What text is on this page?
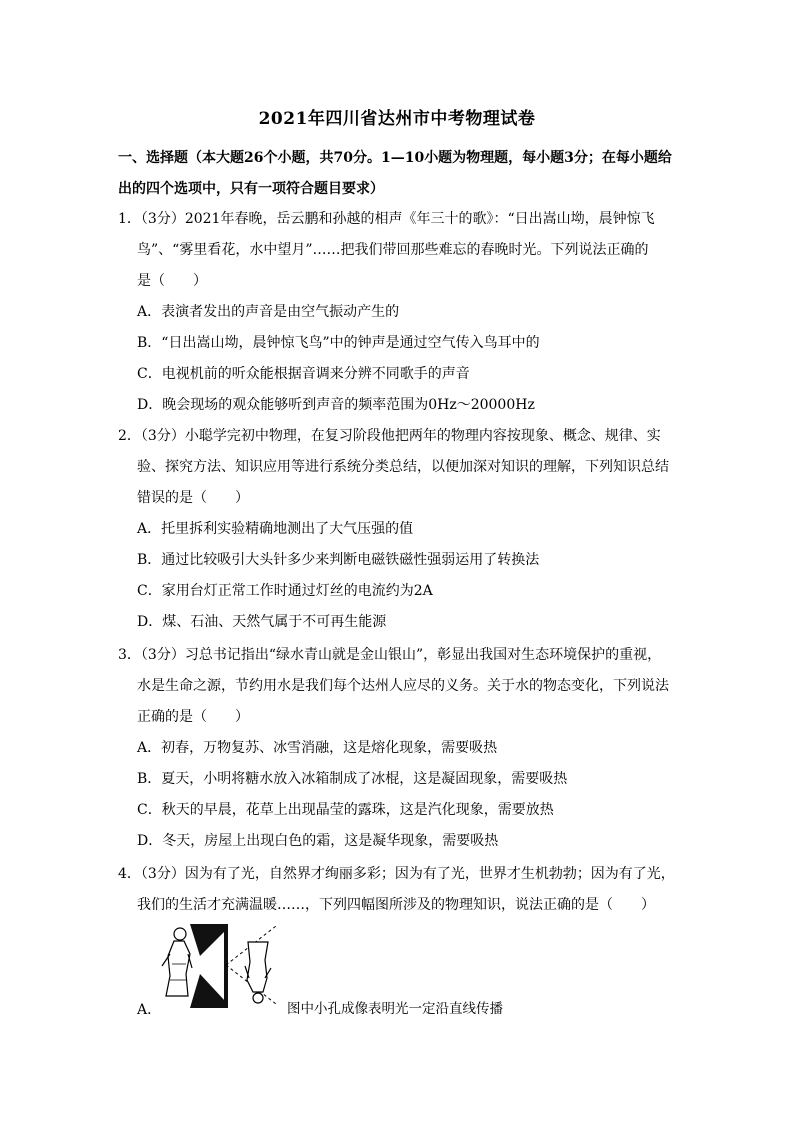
2021年四川省达州市中考物理试卷
一、选择题（本大题26个小题，共70分。1—10小题为物理题，每小题3分；在每小题给
出的四个选项中，只有一项符合题目要求）
1．（3分）2021年春晚，岳云鹏和孙越的相声《年三十的歌》：“日出嵩山坳，晨钟惊飞
鸟”、“雾里看花，水中望月”……把我们带回那些难忘的春晚时光。下列说法正确的
是（　　）
A．表演者发出的声音是由空气振动产生的
B．“日出嵩山坳，晨钟惊飞鸟”中的钟声是通过空气传入鸟耳中的
C．电视机前的听众能根据音调来分辨不同歌手的声音
D．晚会现场的观众能够听到声音的频率范围为0Hz～20000Hz
2．（3分）小聪学完初中物理，在复习阶段他把两年的物理内容按现象、概念、规律、实
验、探究方法、知识应用等进行系统分类总结，以便加深对知识的理解，下列知识总结
错误的是（　　）
A．托里拆利实验精确地测出了大气压强的值
B．通过比较吸引大头针多少来判断电磁铁磁性强弱运用了转换法
C．家用台灯正常工作时通过灯丝的电流约为2A
D．煤、石油、天然气属于不可再生能源
3．（3分）习总书记指出“绿水青山就是金山银山”，彰显出我国对生态环境保护的重视，
水是生命之源，节约用水是我们每个达州人应尽的义务。关于水的物态变化，下列说法
正确的是（　　）
A．初春，万物复苏、冰雪消融，这是熔化现象，需要吸热
B．夏天，小明将糖水放入冰箱制成了冰棍，这是凝固现象，需要吸热
C．秋天的早晨，花草上出现晶莹的露珠，这是汽化现象，需要放热
D．冬天，房屋上出现白色的霜，这是凝华现象，需要吸热
4．（3分）因为有了光，自然界才绚丽多彩；因为有了光，世界才生机勃勃；因为有了光，
我们的生活才充满温暖……，下列四幅图所涉及的物理知识，说法正确的是（　　）
A．	图中小孔成像表明光一定沿直线传播
